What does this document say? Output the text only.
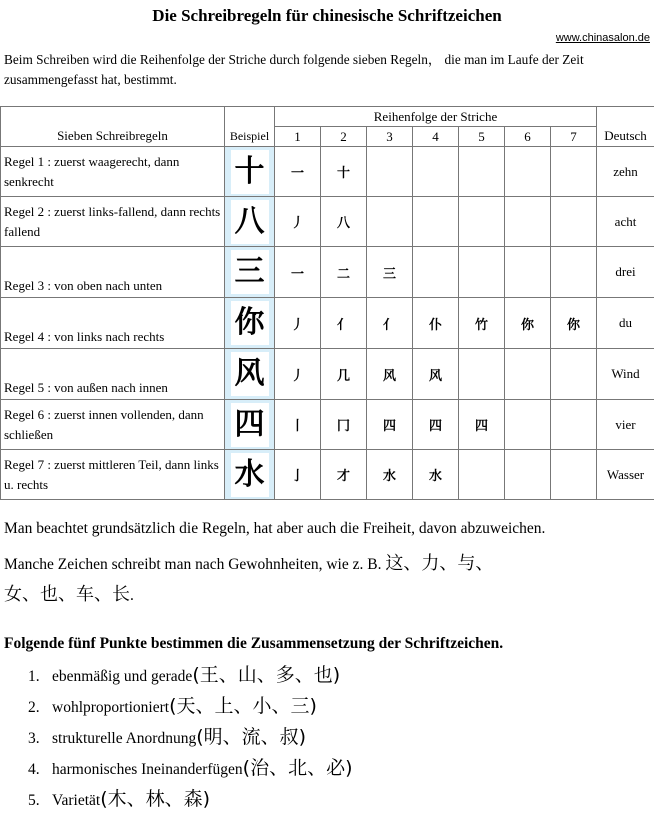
Die Schreibregeln für chinesische Schriftzeichen
www.chinasalon.de
Beim Schreiben wird die Reihenfolge der Striche durch folgende sieben Regeln， die man im Laufe der Zeit zusammengefasst hat, bestimmt.
Sieben Schreibregeln	Beispiel	Reihenfolge der Striche							Deutsch
		1	2	3	4	5	6	7	
Regel 1 : zuerst waagerecht, dann senkrecht	十	一	十						zehn
Regel 2 : zuerst links-fallend, dann rechts fallend	八	丿	八						acht
Regel 3 : von oben nach unten	三	一	二	三					drei
Regel 4 : von links nach rechts	你	丿	亻	亻	仆	竹	你	你	du
Regel 5 : von außen nach innen	风	丿	几	风	风				Wind
Regel 6 : zuerst innen vollenden, dann schließen	四	丨	冂	四	四	四			vier
Regel 7 : zuerst mittleren Teil, dann links u. rechts	水	亅	才	水	水				Wasser
Man beachtet grundsätzlich die Regeln, hat aber auch die Freiheit, davon abzuweichen.
Manche Zeichen schreibt man nach Gewohnheiten, wie z. B. 这、力、与、
女、也、车、长.
Folgende fünf Punkte bestimmen die Zusammensetzung der Schriftzeichen.
1. ebenmäßig und gerade(王、山、多、也)
2. wohlproportioniert(天、上、小、三)
3. strukturelle Anordnung(明、流、叔)
4. harmonisches Ineinanderfügen(治、北、必)
5. Varietät(木、林、森)
